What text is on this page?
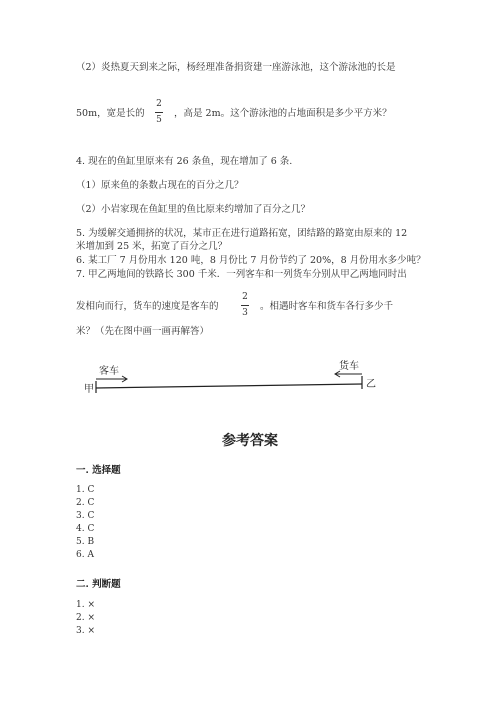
（2）炎热夏天到来之际，杨经理准备捐资建一座游泳池，这个游泳池的长是
50m，宽是长的
2
5
，高是 2m。这个游泳池的占地面积是多少平方米？
4. 现在的鱼缸里原来有 26 条鱼，现在增加了 6 条.
（1）原来鱼的条数占现在的百分之几？
（2）小岩家现在鱼缸里的鱼比原来约增加了百分之几？
5. 为缓解交通拥挤的状况，某市正在进行道路拓宽，团结路的路宽由原来的 12
米增加到 25 米，拓宽了百分之几？
6. 某工厂 7 月份用水 120 吨，8 月份比 7 月份节约了 20%，8 月份用水多少吨？
7. 甲乙两地间的铁路长 300 千米．一列客车和一列货车分别从甲乙两地同时出
发相向而行，货车的速度是客车的
2
3
。相遇时客车和货车各行多少千
米？（先在图中画一画再解答）
客车	货车
甲	乙
参考答案
一. 选择题
1. C
2. C
3. C
4. C
5. B
6. A
二. 判断题
1. ×
2. ×
3. ×
